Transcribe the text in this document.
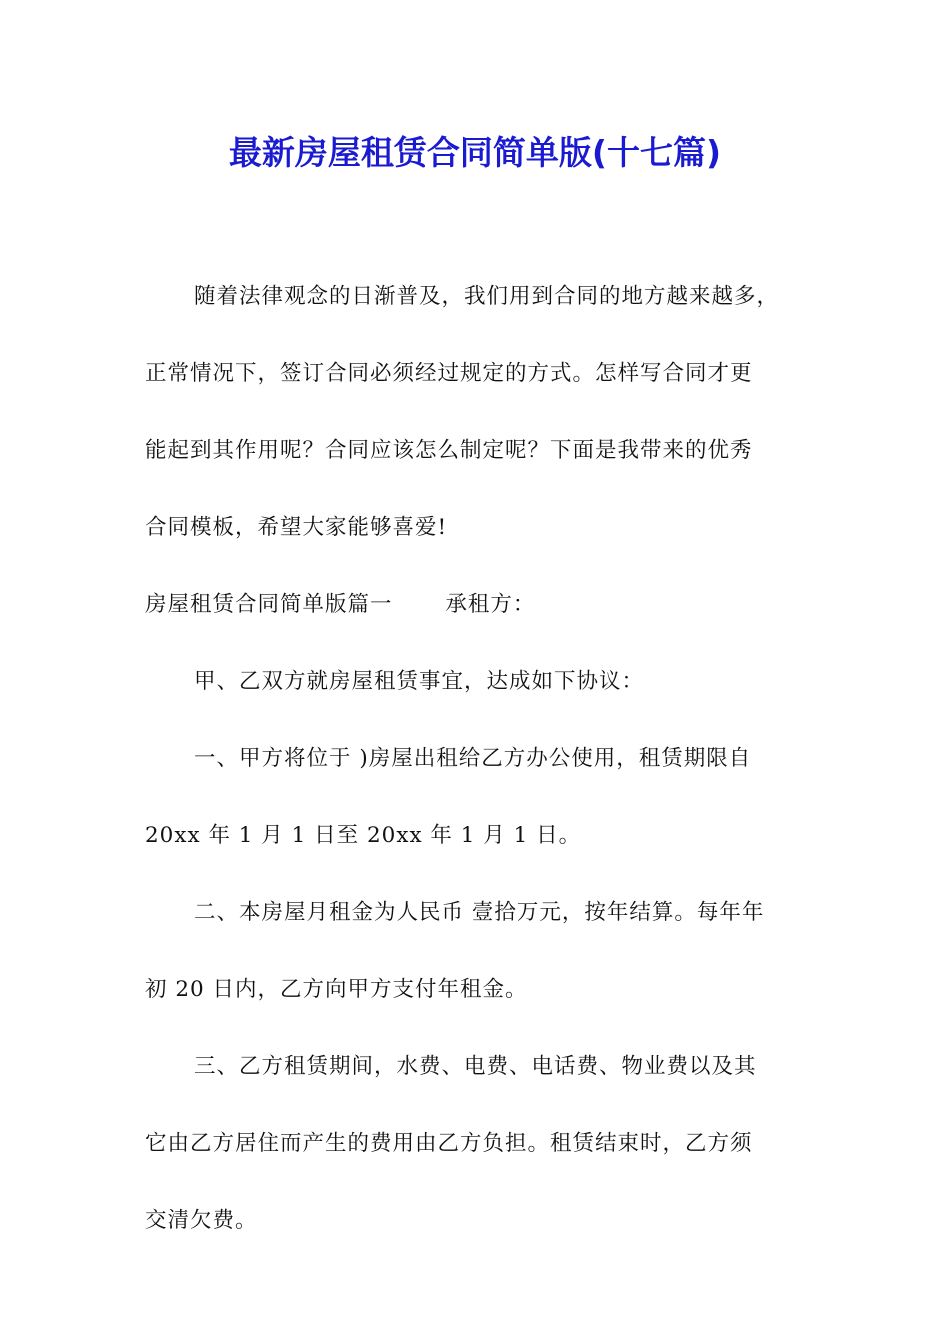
最新房屋租赁合同简单版(十七篇)

随着法律观念的日渐普及，我们用到合同的地方越来越多，

正常情况下，签订合同必须经过规定的方式。怎样写合同才更

能起到其作用呢？合同应该怎么制定呢？下面是我带来的优秀

合同模板，希望大家能够喜爱!

房屋租赁合同简单版篇一　　 承租方：

甲、乙双方就房屋租赁事宜，达成如下协议：

一、甲方将位于 )房屋出租给乙方办公使用，租赁期限自

20xx 年 1 月 1 日至 20xx 年 1 月 1 日。

二、本房屋月租金为人民币 壹拾万元，按年结算。每年年

初 20 日内，乙方向甲方支付年租金。

三、乙方租赁期间，水费、电费、电话费、物业费以及其

它由乙方居住而产生的费用由乙方负担。租赁结束时，乙方须

交清欠费。
